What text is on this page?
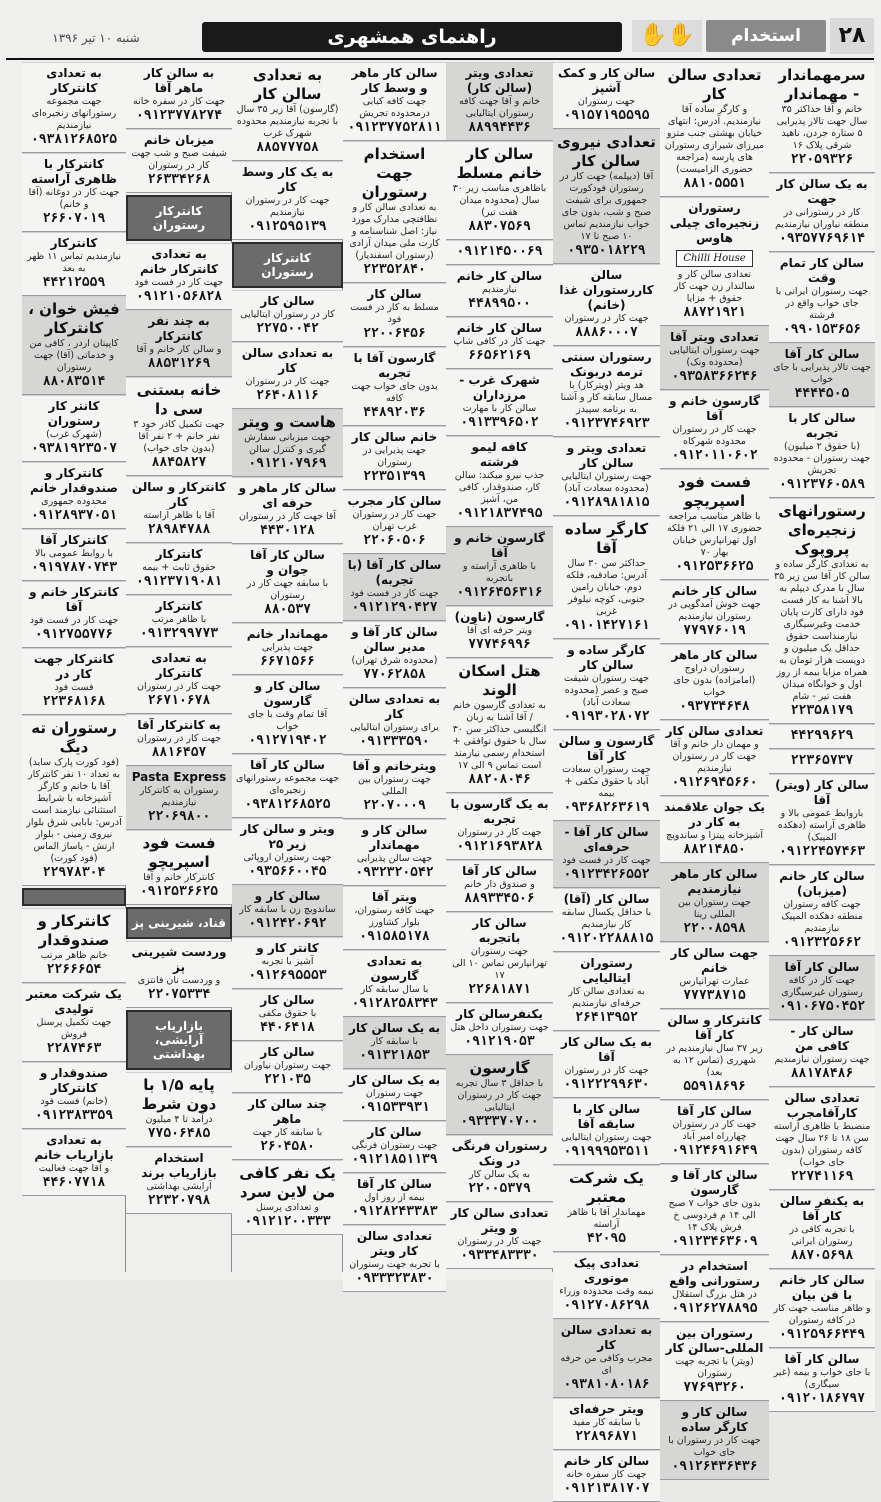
۲۸
استخدام
✋✋
راهنمای همشهری
شنبه ۱۰ تیر ۱۳۹۶
سرمهماندار - مهماندار
خانم و آقا حداکثر ۳۵ سال جهت تالار پذیرایی ۵ ستاره جردن، ناهید شرقی پلاک ۱۶
۲۲۰۵۹۳۲۶
به یک سالن کار جهت
کار در رستورانی در منطقه نیاوران نیازمندیم
۰۹۳۵۷۷۶۹۶۱۴
سالن کار تمام وقت
جهت رستوران ایرانی با جای خواب واقع در فرشته
۰۹۹۰۱۵۳۶۵۶
سالن کار آقا
جهت تالار پذیرایی با جای خواب
۴۴۴۴۵۰۵
سالن کار با تجربه
(با حقوق ۲ میلیون) جهت رستوران - محدوده تجریش
۰۹۱۲۳۷۶۰۵۸۹
رستورانهای زنجیره‌ای پروپوک
به تعدادی کارگر ساده و سالن کار آقا سن زیر ۳۵ سال با مدرک دیپلم به بالا آشنا به کار فست فود دارای کارت پایان خدمت وغیرسیگاری نیازمنداست حقوق حداقل یک میلیون و دویست هزار تومان به همراه مزایا بیمه از روز اول و خوابگاه میدان هفت تیر - شام
۲۲۳۵۸۱۷۹
۴۴۲۹۹۶۲۹
۲۲۳۶۵۷۳۷
سالن کار (ویتر) آقا
باروابط عمومی بالا و ظاهری آراسته (دهکده المپیک)
۰۹۱۲۲۴۵۷۴۶۳
سالن کار خانم (میزبان)
جهت کافه رستوران منطقه دهکده المپیک نیازمندیم
۰۹۱۲۳۲۵۶۶۲
سالن کار آقا
جهت کار در کافه رستوران غیرسیگاری
۰۹۱۰۶۷۵۰۴۵۲
سالن کار - کافی من
جهت رستوران نیازمندیم
۸۸۱۷۸۴۸۶
تعدادی سالن کارآقامجرب
منضبط با ظاهری آراسته سن ۱۸ تا ۲۶ سال جهت کافه رستوران (بدون جای خواب)
۲۲۷۴۱۱۶۹
به یکنفر سالن کار آقا
با تجربه کافی در رستوران ایرانی
۸۸۷۰۵۶۹۸
سالن کار خانم با فن بیان
و ظاهر مناسب جهت کار در کافه رستوران
۰۹۱۲۵۹۶۶۴۴۹
سالن کار آقا
با جای خواب و بیمه (غیر سیگاری)
۰۹۱۲۰۱۸۶۷۹۷
تعدادی سالن کار
و کارگر ساده آقا نیازمندیم. آدرس: انتهای خیابان بهشتی جنب مترو میرزای شیرازی رستوران های پارسه (مراجعه حضوری الزامیست)
۸۸۱۰۵۵۵۱
رستوران زنجیره‌ای چیلی هاوس
Chilli House
تعدادی سالن کار و سالندار زن جهت کار حقوق + مزایا
۸۸۷۲۱۹۲۱
تعدادی ویتر آقا
جهت رستوران ایتالیایی (محدوده ونک)
۰۹۳۵۸۳۶۶۲۴۶
گارسون خانم و آقا
جهت کار در رستوران محدوده شهرکاه
۰۹۱۲۰۱۱۰۶۰۲
فست فود اسپریچو
با ظاهر مناسب مراجعه حضوری ۱۷ الی ۲۱ فلکه اول تهرانپارس خیابان بهار ۷۰
۰۹۱۲۵۳۶۶۲۵
سالن کار خانم
جهت خوش آمدگویی در رستوران نیازمندیم
۷۷۹۷۶۰۱۹
سالن کار ماهر
رستوران دراوج (امامزاده) بدون جای خواب
۰۹۳۷۳۴۶۴۸
تعدادی سالن کار
و مهمان دار خانم و آقا جهت کار در رستوران نیازمندیم
۰۹۱۲۶۹۴۵۶۶۰
یک جوان علاقمند به کار در
آشپزخانه پیتزا و ساندویچ
۸۸۲۱۴۸۵۰
سالن کار ماهر نیازمندیم
جهت رستوران بین المللی رینا
۲۲۰۰۸۵۹۸
جهت سالن کار خانم
عمارت تهرانپارس
۷۷۷۳۸۷۱۵
کانترکار و سالن کار آقا
زیر ۳۷ سال نیازمندیم در شهرری (تماس ۱۲ به بعد)
۵۵۹۱۸۶۹۶
سالن کار آقا
جهت کار در رستوران چهارراه امیر آباد
۰۹۱۲۴۶۹۱۶۴۹
سالن کار آقا و گارسون
بدون جای خواب ۷ صبح الی ۱۴ م فردوسی خ فرش پلاک ۱۴
۰۹۱۲۳۴۶۳۶۰۹
استخدام در رستورانی واقع
در هتل بزرگ استقلال
۰۹۱۲۶۲۷۸۸۹۵
رستوران بین المللی-سالن کار
(ویتر) با تجربه جهت رستوران
۷۷۶۹۳۲۶۰
سالن کار و کارگر ساده
جهت کار در رستوران با جای خواب
۰۹۱۲۶۴۳۶۴۳۶
سالن کار و کمک آشپز
جهت رستوران
۰۹۱۵۷۱۹۵۵۹۵
تعدادی نیروی سالن کار
آقا (دیپلمه) جهت کار در رستوران فودکورت جمهوری برای شیفت صبح و شب، بدون جای خواب نیازمندیم تماس ۱۰ صبح تا ۱۷
۰۹۳۵۰۱۸۲۲۹
سالن کاررستوران غذا (خانم)
جهت کار در رستوران
۸۸۸۶۰۰۰۷
رستوران سنتی ترمه دربونک
هد ویتر (ویترکار) با مسال سابقه کار و آشنا به برنامه سپیدز
۰۹۱۲۳۷۴۶۹۲۳
تعدادی ویتر و سالن کار
جهت رستوران ایتالیایی (محدوده سعادت آباد)
۰۹۱۲۸۹۸۱۸۱۵
کارگر ساده آقا
حداکثر سن ۳۰ سال آدرس: صادقیه، فلکه دوم، خیابان رامین جنوبی، کوچه نیلوفر غربی
۰۹۱۰۱۴۲۷۱۶۱
کارگر ساده و سالن کار
جهت رستوران شیفت صبح و عصر (محدوده سعادت آباد)
۰۹۱۹۳۰۲۸۰۷۲
گارسون و سالن کار آقا
جهت رستوران سعادت آباد با حقوق مکفی + بیمه
۰۹۳۶۸۲۶۳۶۱۹
سالن کار آقا - حرفه‌ای
جهت کار در فست فود
۰۹۱۲۳۴۲۶۵۵۲
سالن کار (آقا)
با حداقل یکسال سابقه کار نیازمندیم
۰۹۱۲۰۲۲۸۸۸۱۵
رستوران ایتالیایی
به تعدادی سالن کار حرفه‌ای نیازمندیم
۲۶۴۱۳۹۵۲
به یک سالن کار آقا
جهت کار در رستوران
۰۹۱۲۲۲۹۹۶۳۰
سالن کار با سابقه آقا
جهت رستوران ایتالیایی
۰۹۱۹۹۹۵۳۵۱۱
یک شرکت معتبر
مهماندار آقا با ظاهر آراسته
۴۲۰۹۵
تعدادی پیک موتوری
نیمه وقت محدوده وزراء
۰۹۱۲۷۰۸۶۲۹۸
به تعدادی سالن کار
مجرب وکافی من حرفه ای
۰۹۳۸۱۰۸۰۱۸۶
ویتر حرفه‌ای
با سابقه کار مفید
۲۲۸۹۶۸۷۱
سالن کار خانم
جهت کار سفره خانه
۰۹۱۲۱۳۸۱۷۰۷
تعدادی ویتر (سالن کار)
خانم و آقا جهت کافه رستوران ایتالیایی
۸۸۹۹۴۴۳۶
سالن کار خانم مسلط
باظاهری مناسب زیر ۳۰ سال (محدوده میدان هفت تیر)
۸۸۳۰۷۵۶۹
۰۹۱۲۱۴۵۰۰۶۹
سالن کار خانم
نیازمندیم
۴۴۸۹۹۵۰۰
سالن کار خانم
جهت کار در کافی شاپ
۶۶۵۶۲۱۶۹
شهرک غرب - مرزداران
سالن کار با مهارت
۰۹۱۳۳۹۶۵۰۲
کافه لیمو فرشته
جذب نیرو میکند: سالن کار، صندوقدار، کافی من، آشپز
۰۹۱۲۱۸۳۷۴۹۵
گارسون خانم و آقا
با ظاهری آراسته و باتجربه
۰۹۱۲۶۴۵۶۳۱۶
گارسون (ناون)
ویتر حرفه ای آقا
۷۷۷۴۶۹۹۶
هتل اسکان الوند
به تعدادی گارسون خانم / آقا آشنا به زبان انگلیسی حداکثر سن ۳۰ سال با حقوق توافقی + استخدام رسمی نیازمند است تماس ۹ الی ۱۷
۸۸۲۰۸۰۴۶
به یک گارسون با تجربه
جهت کار در رستوران
۰۹۱۲۱۶۹۳۸۲۸
سالن کار آقا
و صندوق دار خانم
۸۸۹۳۳۴۵۰۶
سالن کار باتجربه
جهت رستوران تهرانپارس تماس ۱۰ الی ۱۷
۲۲۶۸۱۸۷۱
یکنفرسالن کار
جهت رستوران داخل هتل
۰۹۱۲۱۹۰۵۳
گارسون
با حداقل ۳ سال تجربه جهت کار در رستوران ایتالیایی
۰۹۳۳۳۷۰۷۰۰
رستوران فرنگی در ونک
به یک سالن کار
۲۲۰۰۵۳۷۹
تعدادی سالن کار و ویتر
جهت کار در رستوران
۰۹۳۳۴۸۳۳۳۰
سالن کار ماهر و وسط کار
جهت کافه کبابی درمحدوده تجریش
۰۹۱۲۳۷۷۵۲۸۱۱
استخدام جهت رستوران
به تعدادی سالن کار و نظافتچی مدارک مورد نیاز: اصل شناسنامه و کارت ملی میدان آزادی (رستوران اسفندیار)
۲۲۳۵۲۸۴۰
سالن کار
مسلط به کار در فست فود
۲۲۰۰۶۴۵۶
گارسون آقا با تجربه
بدون جای خواب جهت کافه
۴۴۸۹۲۰۳۶
خانم سالن کار
جهت پذیرایی در رستوران
۲۲۳۵۱۳۹۹
سالن کار مجرب
جهت کار در رستوران غرب تهران
۲۲۰۶۰۵۰۶
سالن کار آقا (با تجربه)
جهت کار در فست فود
۰۹۱۲۱۲۹۰۴۲۷
سالن کار آقا و مدیر سالن
(محدوده شرق تهران)
۷۷۰۶۲۸۵۸
به تعدادی سالن کار
برای رستوران ایتالیایی
۰۹۱۳۳۳۵۹۰
ویترخانم و آقا
جهت رستوران بین المللی
۲۲۰۷۰۰۰۹
سالن کار و مهماندار
جهت سالن پذیرایی
۰۹۳۲۳۲۰۵۴۲
ویتر آقا
جهت کافه رستوران، بلوار کشاورز
۰۹۱۵۸۵۱۷۸
به تعدادی گارسون
با سال سابقه کار
۰۹۱۲۸۲۵۸۳۴۳
به یک سالن کار
با سابقه کار
۰۹۱۳۲۱۸۵۳
به یک سالن کار
جهت رستوران
۰۹۱۵۳۳۹۳۱
سالن کار
جهت رستوران فرنگی
۰۹۱۲۱۸۵۱۱۳۹
سالن کار آقا
بیمه از روز اول
۰۹۱۲۸۲۴۳۳۸۳
تعدادی سالن کار ویتر
با تجربه جهت رستوران
۰۹۳۳۳۲۳۸۳۰
به تعدادی سالن کار
(گارسون) آقا زیر ۳۵ سال با تجربه نیازمندیم محدوده شهرک غرب
۸۸۵۷۷۷۵۸
به یک کار وسط کار
جهت کار در رستوران نیازمندیم
۰۹۱۲۵۹۵۱۳۹
کانترکار رستوران
سالن کار
کار در رستوران ایتالیایی
۲۲۷۵۰۰۴۲
به تعدادی سالن کار
جهت کار در رستوران
۲۶۴۰۸۱۱۶
هاست و ویتر
جهت میزبانی سفارش گیری و کنترل سالن
۰۹۱۲۱۰۷۹۶۹
سالن کار ماهر و حرفه ای
آقا جهت کار در رستوران
۴۴۳۰۱۲۸
سالن کار آقا جوان و
با سابقه جهت کار در رستوران
۸۸۰۵۳۷
مهماندار خانم
جهت پذیرایی
۶۶۷۱۵۶۶
سالن کار و گارسون
آقا تمام وقت با جای خواب
۰۹۱۲۷۱۹۴۰۲
سالن کار آقا
جهت مجموعه رستورانهای زنجیره‌ای
۰۹۳۸۱۲۶۸۵۲۵
ویتر و سالن کار زیر ۲۵
جهت رستوران اروپائی
۰۹۳۵۶۶۰۰۴۵
سالن کار و
ساندویچ زن با سابقه کار
۰۹۱۲۴۲۰۶۹۲
کانتر کار و
آشپز با تجربه
۰۹۱۲۶۹۵۵۵۳
سالن کار
با حقوق مکفی
۴۴۰۶۴۱۸
سالن کار
جهت رستوران نیاوران
۲۲۱۰۳۵
چند سالن کار ماهر
با سابقه کار جهت
۲۶۰۴۵۸۰
یک نفر کافی من لاین سرد
و تعدادی پرسنل
۰۹۱۲۱۲۰۰۳۳۳
به سالن کار ماهر آقا
جهت کار در سفره خانه
۰۹۱۲۳۷۷۸۲۷۴
میزبان خانم
شیفت صبح و شب جهت کار در رستوران
۲۶۳۳۴۲۶۸
کانترکار رستوران
به تعدادی کانترکار خانم
جهت کار در فست فود
۰۹۱۲۱۰۵۶۸۲۸
به چند نفر کانترکار
و سالن کار خانم و آقا
۸۸۵۳۱۲۶۹
خانه بستنی سی دا
جهت تکمیل کادر خود ۳ نفر خانم + ۲ نفر آقا (بدون جای خواب)
۸۸۴۵۸۲۷
کانترکار و سالن کار
آقا با ظاهر آراسته
۲۸۹۸۴۷۸۸
کانترکار
حقوق ثابت + بیمه
۰۹۱۲۳۷۱۹۰۸۱
کانترکار
با ظاهر مرتب
۰۹۱۳۲۹۹۷۷۳
به تعدادی کانترکار
جهت کار در رستوران
۲۶۷۱۰۶۷۸
به کانترکار آقا
جهت کار در رستوران
۸۸۱۶۴۵۷
Pasta Express
رستوران به کانترکار نیازمندیم
۲۲۰۶۹۸۰۰
فست فود اسپریچو
کانترکار خانم و آقا
۰۹۱۲۵۳۶۶۲۵
قناد، شیرینی پز
وردست شیرینی پز
و وردست نان فانتزی
۲۲۰۷۵۳۳۴
بازاریاب آرایشی، بهداشتی
پایه ۱/۵ با دون شرط
درآمد تا ۴ میلیون
۷۷۵۰۶۴۸۵
استخدام بازاریاب برند
آرایشی بهداشتی
۲۲۳۲۰۷۹۸
به تعدادی کانترکار
جهت مجموعه رستورانهای زنجیره‌ای نیازمندیم
۰۹۳۸۱۲۶۸۵۲۵
کانترکار با ظاهری آراسته
جهت کار در دوغانه (آقا و خانم)
۲۶۶۰۷۰۱۹
کانترکار
نیازمندیم تماس ۱۱ ظهر به بعد
۴۴۲۱۲۵۵۹
فیش خوان ، کانترکار
کاپیتان اردر ، کافی من و خدماتی (آقا) جهت رستوران
۸۸۰۸۳۵۱۴
کانتر کار رستوران
(شهرک غرب)
۰۹۳۸۱۹۲۳۵۰۷
کانترکار و صندوقدار خانم
محدوده جمهوری
۰۹۱۲۸۹۳۷۰۵۱
کانترکار آقا
با روابط عمومی بالا
۰۹۱۹۷۸۷۰۷۴۳
کانترکار خانم و آقا
جهت کار در فست فود
۰۹۱۲۷۵۵۷۷۶
کانترکار جهت کار در
فست فود
۲۲۳۶۸۱۶۸
رستوران ته دیگ
(فود کورت پارک ساید) به تعداد ۱۰ نفر کانترکار آقا یا خانم و کارگر آشپزخانه با شرایط استثنائی نیازمند است آدرس: بابایی شرق بلوار نیروی زمینی - بلوار ارتش - پاساژ الماس (فود کورت)
۲۲۹۷۸۳۰۴
کانترکار و صندوقدار
خانم ظاهر مرتب
۲۲۶۶۶۵۴
یک شرکت معتبر تولیدی
جهت تکمیل پرسنل فروش
۲۲۸۷۴۶۳
صندوقدار و کانترکار
(خانم) فست فود
۰۹۱۲۳۸۳۳۵۹
به تعدادی بازاریاب خانم
و آقا جهت فعالیت
۴۴۶۰۷۷۱۸
